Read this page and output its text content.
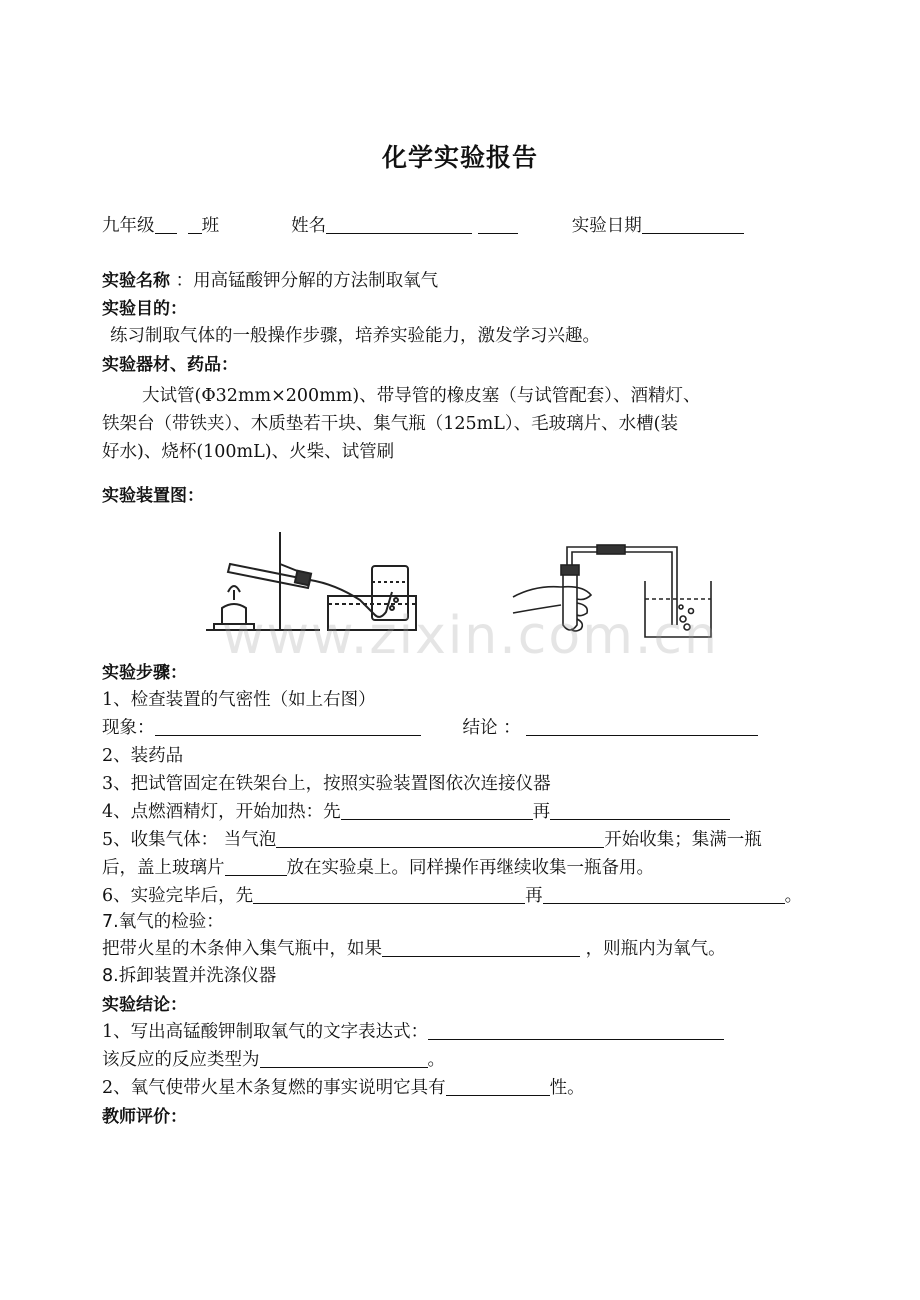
化学实验报告
九年级	班	姓名	实验日期
实验名称 ：用高锰酸钾分解的方法制取氧气
实验目的：
练习制取气体的一般操作步骤，培养实验能力，激发学习兴趣。
实验器材、药品：
大试管(Φ32mm×200mm)、带导管的橡皮塞（与试管配套）、酒精灯、
铁架台（带铁夹）、木质垫若干块、集气瓶（125mL）、毛玻璃片、水槽(装
好水)、烧杯(100mL)、火柴、试管刷
实验装置图：
www.zixin.com.cn
实验步骤：
1、检查装置的气密性（如上右图）
现象：	结论 ：
2、装药品
3、把试管固定在铁架台上，按照实验装置图依次连接仪器
4、点燃酒精灯，开始加热：先	再
5、收集气体： 当气泡	开始收集；集满一瓶
后，盖上玻璃片	放在实验桌上。同样操作再继续收集一瓶备用。
6、实验完毕后，先	再	。
7.氧气的检验：
把带火星的木条伸入集气瓶中，如果	，则瓶内为氧气。
8.拆卸装置并洗涤仪器
实验结论：
1、写出高锰酸钾制取氧气的文字表达式：
该反应的反应类型为	。
2、氧气使带火星木条复燃的事实说明它具有	性。
教师评价：
